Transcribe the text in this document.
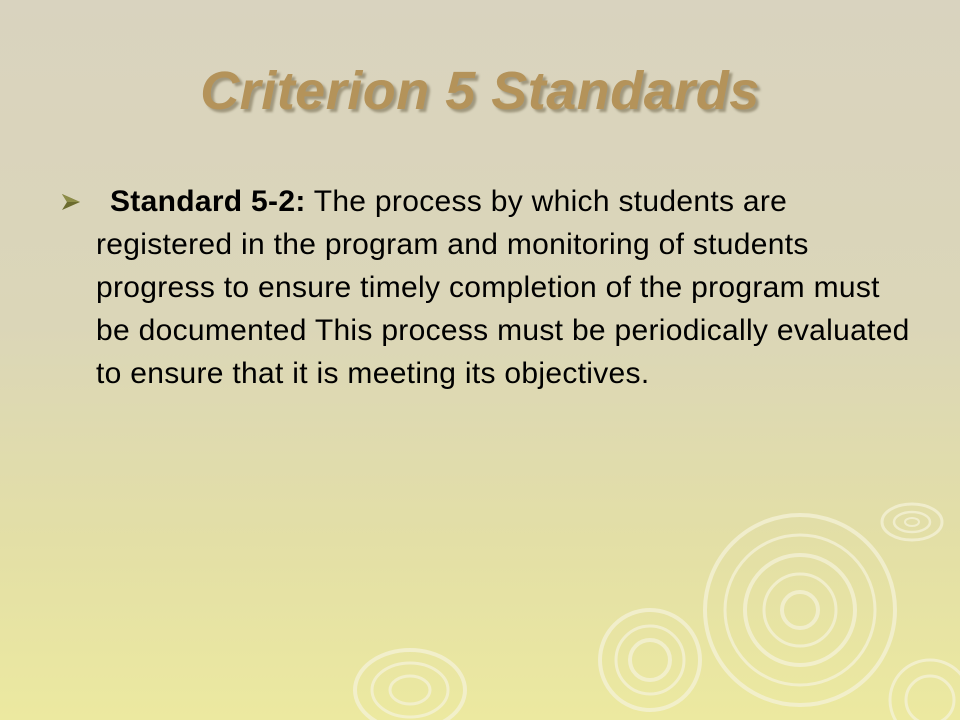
Criterion 5 Standards

Standard 5-2: The process by which students are registered in the program and monitoring of students progress to ensure timely completion of the program must be documented This process must be periodically evaluated to ensure that it is meeting its objectives.
